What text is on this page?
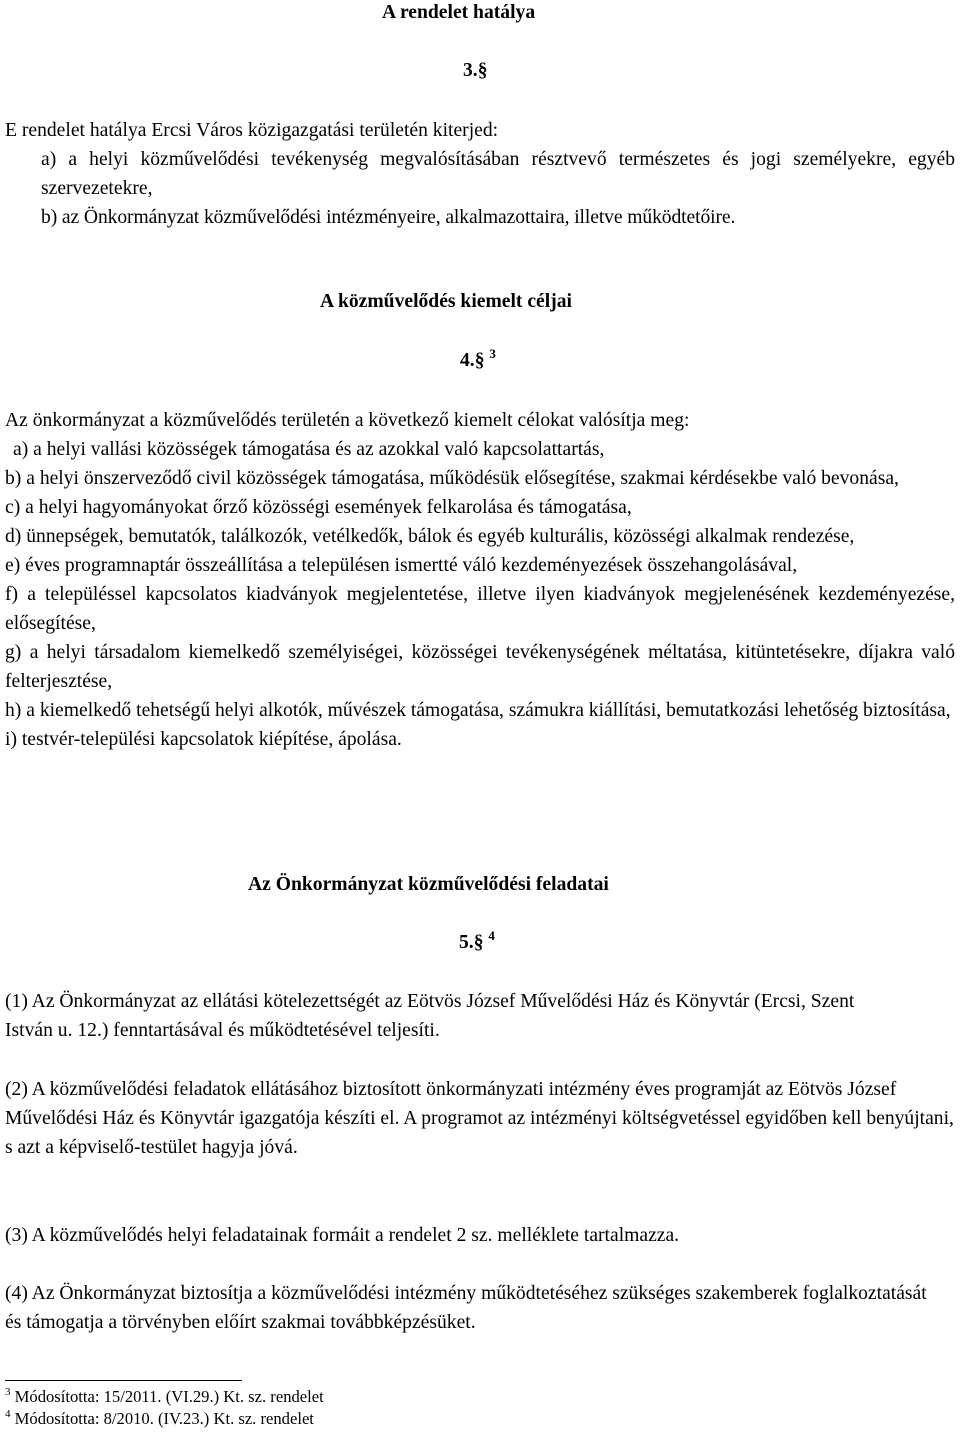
A rendelet hatálya
3.§

E rendelet hatálya Ercsi Város közigazgatási területén kiterjed:

a) a helyi közművelődési tevékenység megvalósításában résztvevő természetes és jogi személyekre, egyéb szervezetekre,

b) az Önkormányzat közművelődési intézményeire, alkalmazottaira, illetve működtetőire.

A közművelődés kiemelt céljai
4.§ $^3$

Az önkormányzat a közművelődés területén a következő kiemelt célokat valósítja meg:

a) a helyi vallási közösségek támogatása és az azokkal való kapcsolattartás,

b) a helyi önszerveződő civil közösségek támogatása, működésük elősegítése, szakmai kérdésekbe való bevonása,

c) a helyi hagyományokat őrző közösségi események felkarolása és támogatása,

d) ünnepségek, bemutatók, találkozók, vetélkedők, bálok és egyéb kulturális, közösségi alkalmak rendezése,

e) éves programnaptár összeállítása a településen ismertté váló kezdeményezések összehangolásával,

f) a településsel kapcsolatos kiadványok megjelentetése, illetve ilyen kiadványok megjelenésének kezdeményezése, elősegítése,

g) a helyi társadalom kiemelkedő személyiségei, közösségei tevékenységének méltatása, kitüntetésekre, díjakra való felterjesztése,

h) a kiemelkedő tehetségű helyi alkotók, művészek támogatása, számukra kiállítási, bemutatkozási lehetőség biztosítása,

i) testvér-települési kapcsolatok kiépítése, ápolása.

Az Önkormányzat közművelődési feladatai
5.§ $^4$
(1) Az Önkormányzat az ellátási kötelezettségét az Eötvös József Művelődési Ház és Könyvtár (Ercsi, Szent István u. 12.) fenntartásával és működtetésével teljesíti.
(2) A közművelődési feladatok ellátásához biztosított önkormányzati intézmény éves programját az Eötvös József Művelődési Ház és Könyvtár igazgatója készíti el. A programot az intézményi költségvetéssel egyidőben kell benyújtani, s azt a képviselő-testület hagyja jóvá.
(3) A közművelődés helyi feladatainak formáit a rendelet 2 sz. melléklete tartalmazza.
(4) Az Önkormányzat biztosítja a közművelődési intézmény működtetéséhez szükséges szakemberek foglalkoztatását és támogatja a törvényben előírt szakmai továbbképzésüket.
$^3$ Módosította: 15/2011. (VI.29.) Kt. sz. rendelet
$^4$ Módosította: 8/2010. (IV.23.) Kt. sz. rendelet
